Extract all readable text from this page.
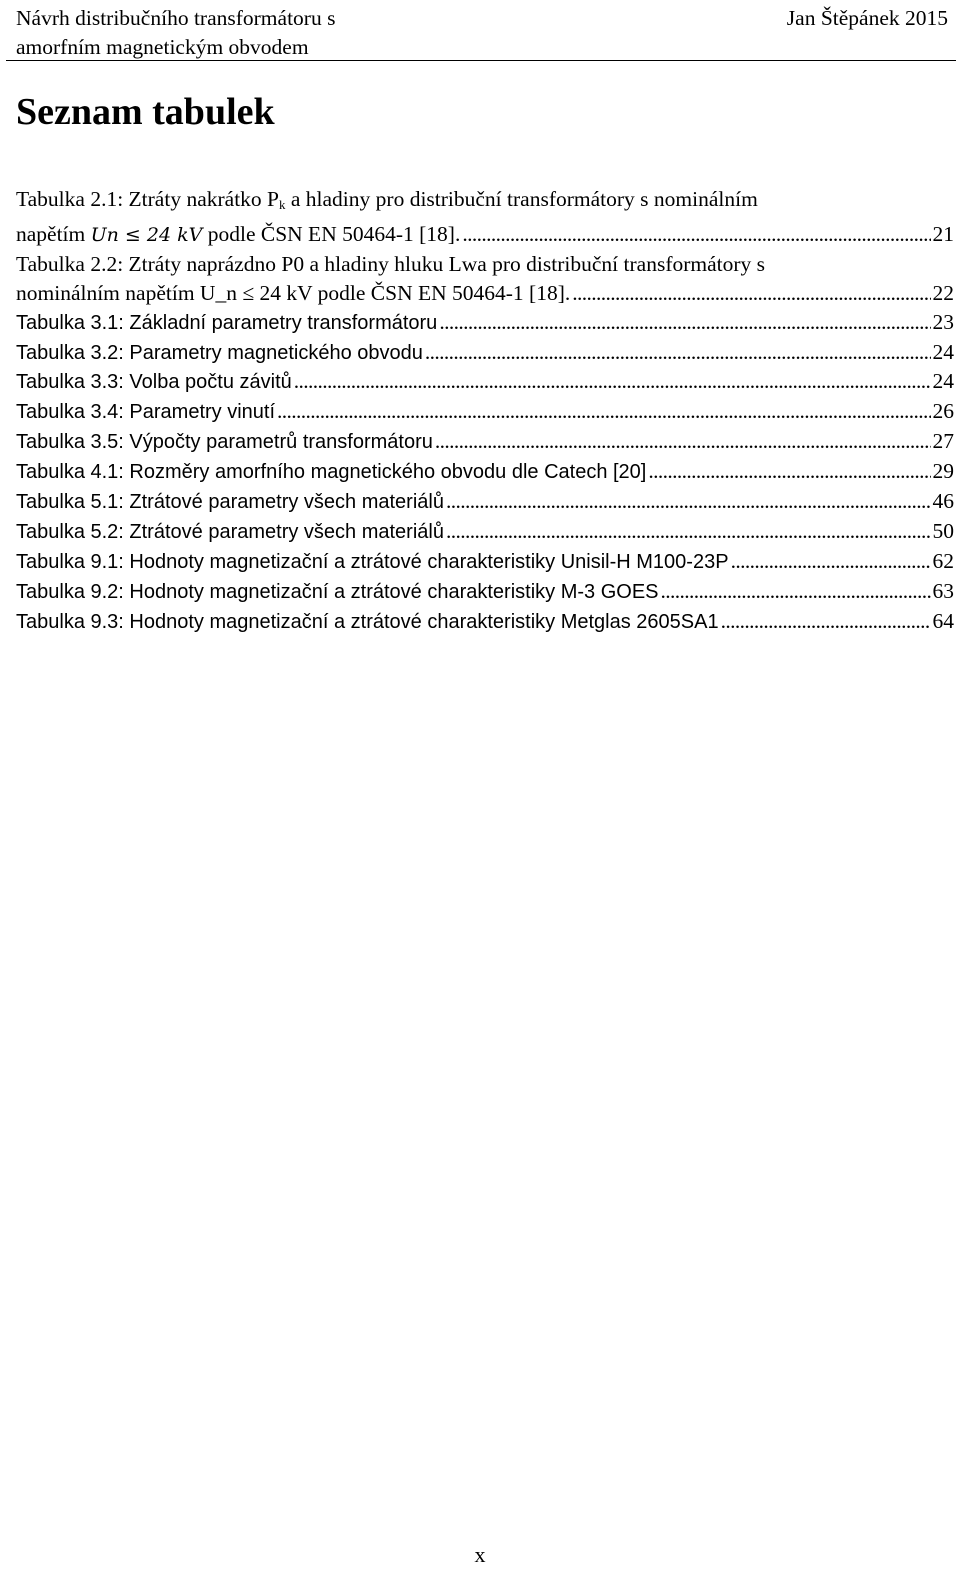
Návrh distribučního transformátoru s
amorfním magnetickým obvodem
Jan Štěpánek 2015
Seznam tabulek
Tabulka 2.1: Ztráty nakrátko $P_k$ a hladiny pro distribuční transformátory s nominálním
napětím Un ≤ 24 kV podle ČSN EN 50464-1 [18]. . . .	21
Tabulka 2.2: Ztráty naprázdno P0 a hladiny hluku Lwa pro distribuční transformátory s
nominálním napětím U_n ≤ 24 kV podle ČSN EN 50464-1 [18]. . . .	22
Tabulka 3.1: Základní parametry transformátoru . . .	23
Tabulka 3.2: Parametry magnetického obvodu . . .	24
Tabulka 3.3: Volba počtu závitů . . .	24
Tabulka 3.4: Parametry vinutí . . .	26
Tabulka 3.5: Výpočty parametrů transformátoru . . .	27
Tabulka 4.1: Rozměry amorfního magnetického obvodu dle Catech [20] . . .	29
Tabulka 5.1: Ztrátové parametry všech materiálů . . .	46
Tabulka 5.2: Ztrátové parametry všech materiálů . . .	50
Tabulka 9.1: Hodnoty magnetizační a ztrátové charakteristiky Unisil-H M100-23P . . .	62
Tabulka 9.2: Hodnoty magnetizační a ztrátové charakteristiky M-3 GOES . . .	63
Tabulka 9.3: Hodnoty magnetizační a ztrátové charakteristiky Metglas 2605SA1 . . .	64
x
